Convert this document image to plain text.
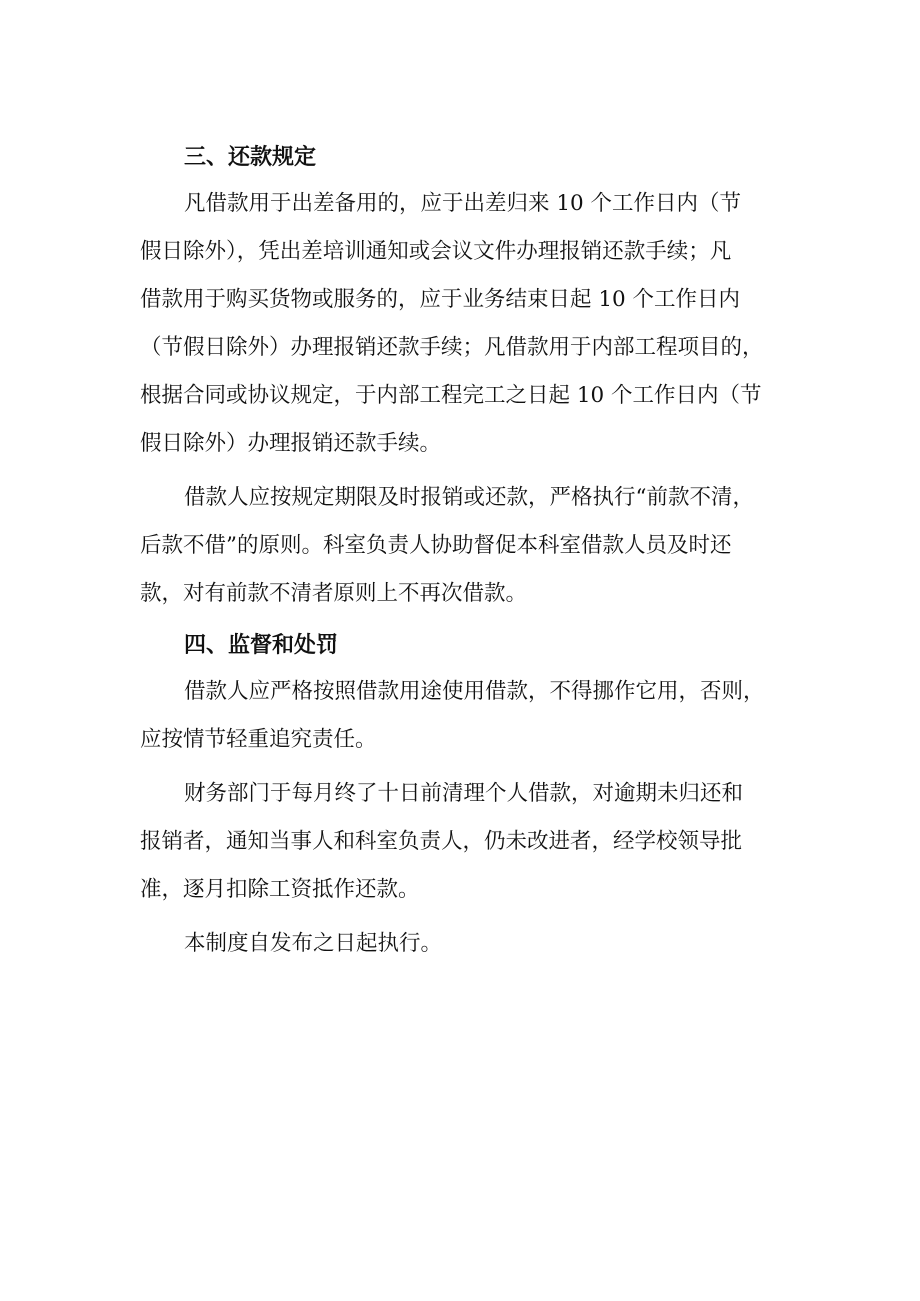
三、还款规定

凡借款用于出差备用的，应于出差归来 10 个工作日内（节
假日除外），凭出差培训通知或会议文件办理报销还款手续；凡
借款用于购买货物或服务的，应于业务结束日起 10 个工作日内
（节假日除外）办理报销还款手续；凡借款用于内部工程项目的，
根据合同或协议规定，于内部工程完工之日起 10 个工作日内（节
假日除外）办理报销还款手续。

借款人应按规定期限及时报销或还款，严格执行“前款不清，
后款不借”的原则。科室负责人协助督促本科室借款人员及时还
款，对有前款不清者原则上不再次借款。

四、监督和处罚

借款人应严格按照借款用途使用借款，不得挪作它用，否则，
应按情节轻重追究责任。

财务部门于每月终了十日前清理个人借款，对逾期未归还和
报销者，通知当事人和科室负责人，仍未改进者，经学校领导批
准，逐月扣除工资抵作还款。

本制度自发布之日起执行。
